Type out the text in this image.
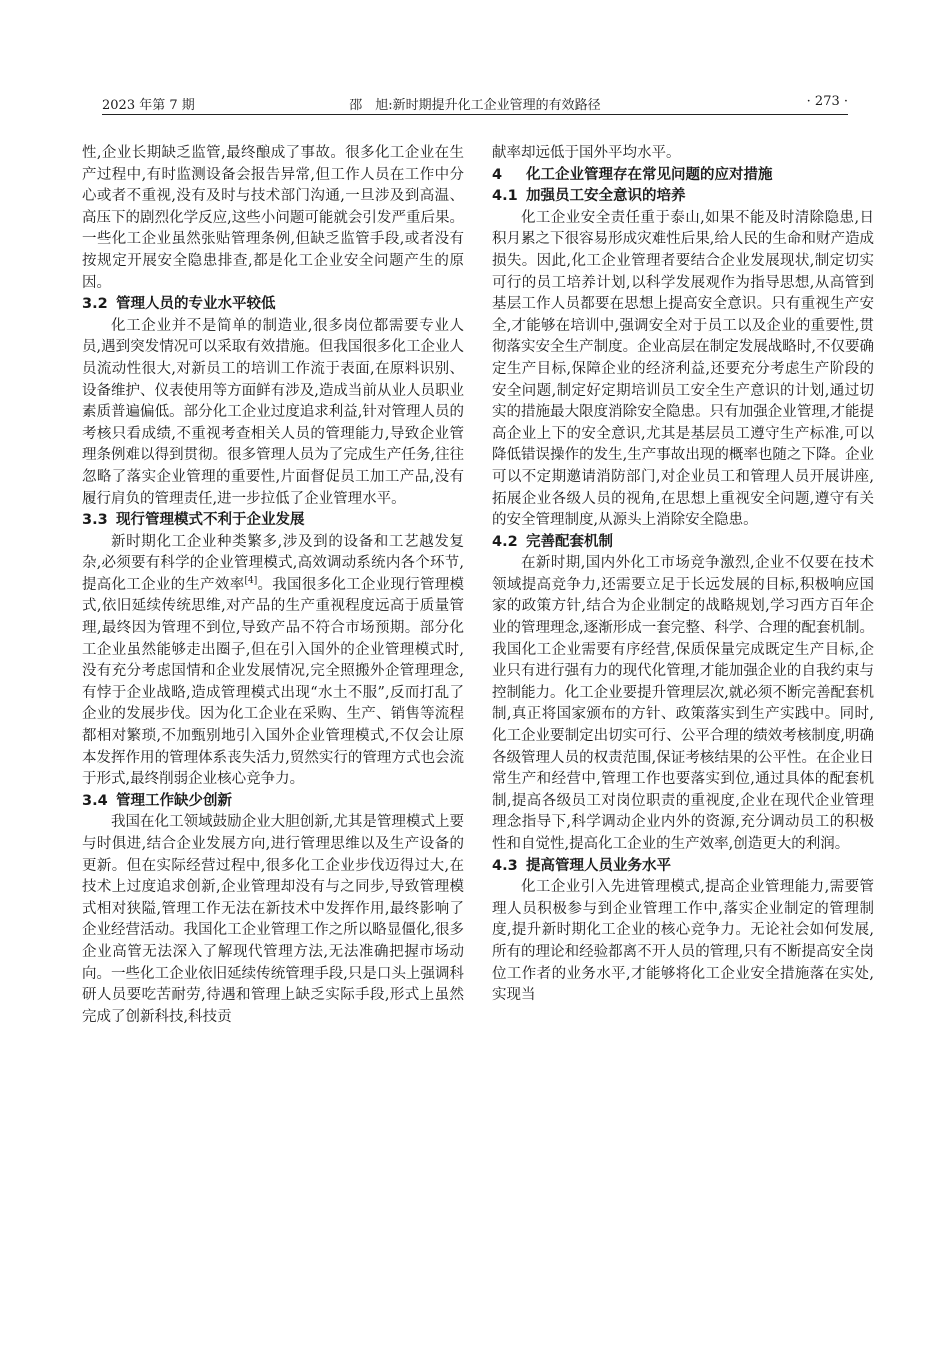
2023 年第 7 期	邵　旭:新时期提升化工企业管理的有效路径	· 273 ·

性,企业长期缺乏监管,最终酿成了事故。很多化工企业在生产过程中,有时监测设备会报告异常,但工作人员在工作中分心或者不重视,没有及时与技术部门沟通,一旦涉及到高温、高压下的剧烈化学反应,这些小问题可能就会引发严重后果。一些化工企业虽然张贴管理条例,但缺乏监管手段,或者没有按规定开展安全隐患排查,都是化工企业安全问题产生的原因。

3.2 管理人员的专业水平较低

化工企业并不是简单的制造业,很多岗位都需要专业人员,遇到突发情况可以采取有效措施。但我国很多化工企业人员流动性很大,对新员工的培训工作流于表面,在原料识别、设备维护、仪表使用等方面鲜有涉及,造成当前从业人员职业素质普遍偏低。部分化工企业过度追求利益,针对管理人员的考核只看成绩,不重视考查相关人员的管理能力,导致企业管理条例难以得到贯彻。很多管理人员为了完成生产任务,往往忽略了落实企业管理的重要性,片面督促员工加工产品,没有履行肩负的管理责任,进一步拉低了企业管理水平。

3.3 现行管理模式不利于企业发展

新时期化工企业种类繁多,涉及到的设备和工艺越发复杂,必须要有科学的企业管理模式,高效调动系统内各个环节,提高化工企业的生产效率[4]。我国很多化工企业现行管理模式,依旧延续传统思维,对产品的生产重视程度远高于质量管理,最终因为管理不到位,导致产品不符合市场预期。部分化工企业虽然能够走出圈子,但在引入国外的企业管理模式时,没有充分考虑国情和企业发展情况,完全照搬外企管理理念,有悖于企业战略,造成管理模式出现“水土不服”,反而打乱了企业的发展步伐。因为化工企业在采购、生产、销售等流程都相对繁琐,不加甄别地引入国外企业管理模式,不仅会让原本发挥作用的管理体系丧失活力,贸然实行的管理方式也会流于形式,最终削弱企业核心竞争力。

3.4 管理工作缺少创新

我国在化工领域鼓励企业大胆创新,尤其是管理模式上要与时俱进,结合企业发展方向,进行管理思维以及生产设备的更新。但在实际经营过程中,很多化工企业步伐迈得过大,在技术上过度追求创新,企业管理却没有与之同步,导致管理模式相对狭隘,管理工作无法在新技术中发挥作用,最终影响了企业经营活动。我国化工企业管理工作之所以略显僵化,很多企业高管无法深入了解现代管理方法,无法准确把握市场动向。一些化工企业依旧延续传统管理手段,只是口头上强调科研人员要吃苦耐劳,待遇和管理上缺乏实际手段,形式上虽然完成了创新科技,科技贡

献率却远低于国外平均水平。

4 化工企业管理存在常见问题的应对措施
4.1 加强员工安全意识的培养

化工企业安全责任重于泰山,如果不能及时清除隐患,日积月累之下很容易形成灾难性后果,给人民的生命和财产造成损失。因此,化工企业管理者要结合企业发展现状,制定切实可行的员工培养计划,以科学发展观作为指导思想,从高管到基层工作人员都要在思想上提高安全意识。只有重视生产安全,才能够在培训中,强调安全对于员工以及企业的重要性,贯彻落实安全生产制度。企业高层在制定发展战略时,不仅要确定生产目标,保障企业的经济利益,还要充分考虑生产阶段的安全问题,制定好定期培训员工安全生产意识的计划,通过切实的措施最大限度消除安全隐患。只有加强企业管理,才能提高企业上下的安全意识,尤其是基层员工遵守生产标准,可以降低错误操作的发生,生产事故出现的概率也随之下降。企业可以不定期邀请消防部门,对企业员工和管理人员开展讲座,拓展企业各级人员的视角,在思想上重视安全问题,遵守有关的安全管理制度,从源头上消除安全隐患。

4.2 完善配套机制

在新时期,国内外化工市场竞争激烈,企业不仅要在技术领域提高竞争力,还需要立足于长远发展的目标,积极响应国家的政策方针,结合为企业制定的战略规划,学习西方百年企业的管理理念,逐渐形成一套完整、科学、合理的配套机制。我国化工企业需要有序经营,保质保量完成既定生产目标,企业只有进行强有力的现代化管理,才能加强企业的自我约束与控制能力。化工企业要提升管理层次,就必须不断完善配套机制,真正将国家颁布的方针、政策落实到生产实践中。同时,化工企业要制定出切实可行、公平合理的绩效考核制度,明确各级管理人员的权责范围,保证考核结果的公平性。在企业日常生产和经营中,管理工作也要落实到位,通过具体的配套机制,提高各级员工对岗位职责的重视度,企业在现代企业管理理念指导下,科学调动企业内外的资源,充分调动员工的积极性和自觉性,提高化工企业的生产效率,创造更大的利润。

4.3 提高管理人员业务水平

化工企业引入先进管理模式,提高企业管理能力,需要管理人员积极参与到企业管理工作中,落实企业制定的管理制度,提升新时期化工企业的核心竞争力。无论社会如何发展,所有的理论和经验都离不开人员的管理,只有不断提高安全岗位工作者的业务水平,才能够将化工企业安全措施落在实处,实现当
